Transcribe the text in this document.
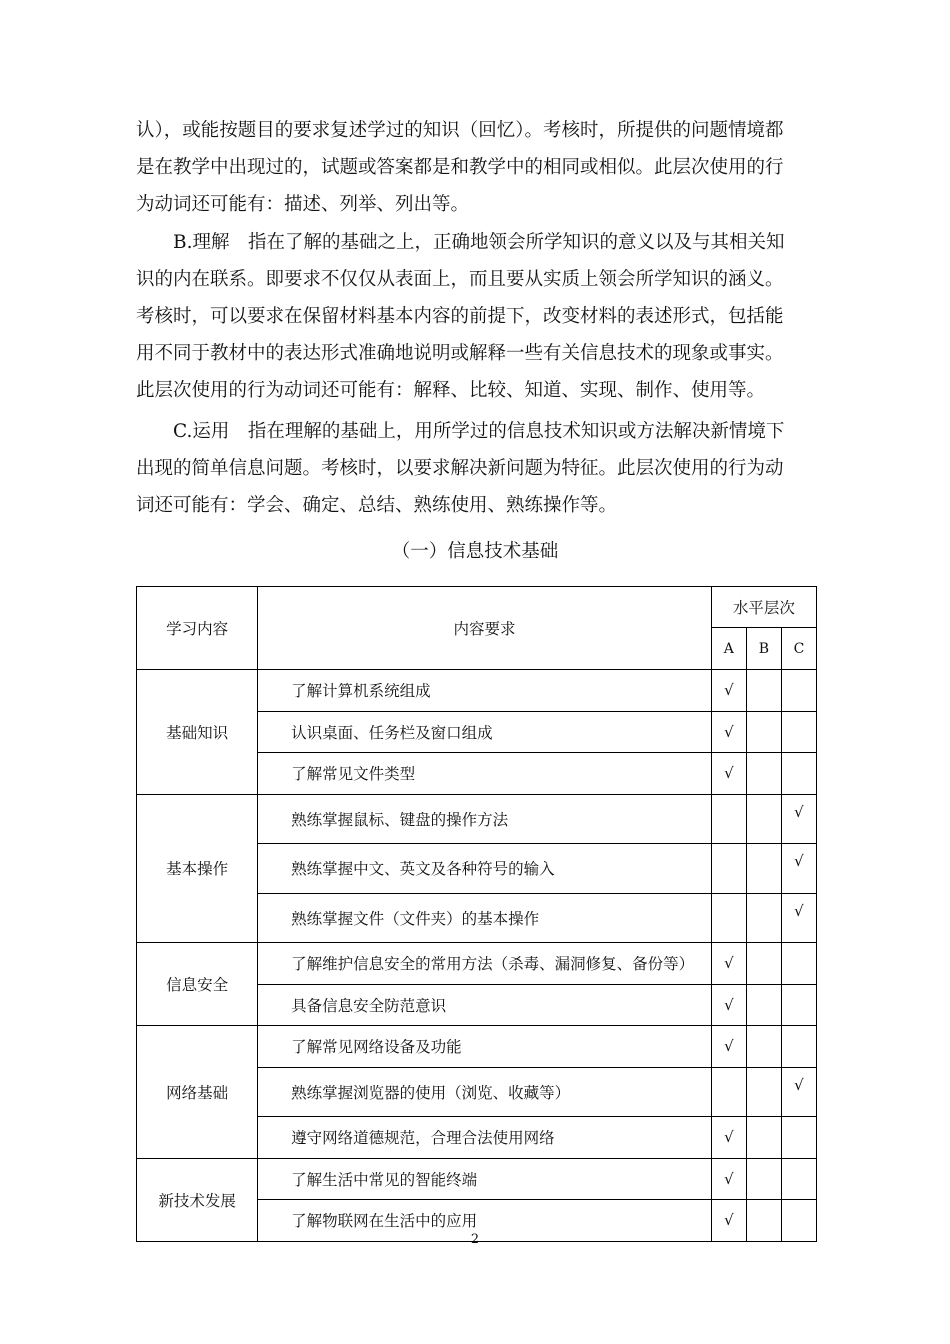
认），或能按题目的要求复述学过的知识（回忆）。考核时，所提供的问题情境都
是在教学中出现过的，试题或答案都是和教学中的相同或相似。此层次使用的行
为动词还可能有：描述、列举、列出等。
B.理解　指在了解的基础之上，正确地领会所学知识的意义以及与其相关知
识的内在联系。即要求不仅仅从表面上，而且要从实质上领会所学知识的涵义。
考核时，可以要求在保留材料基本内容的前提下，改变材料的表述形式，包括能
用不同于教材中的表达形式准确地说明或解释一些有关信息技术的现象或事实。
此层次使用的行为动词还可能有：解释、比较、知道、实现、制作、使用等。
C.运用　指在理解的基础上，用所学过的信息技术知识或方法解决新情境下
出现的简单信息问题。考核时，以要求解决新问题为特征。此层次使用的行为动
词还可能有：学会、确定、总结、熟练使用、熟练操作等。
（一）信息技术基础
学习内容	内容要求	水平层次		
		A	B	C
基础知识	了解计算机系统组成	√		
	认识桌面、任务栏及窗口组成	√		
	了解常见文件类型	√		
基本操作	熟练掌握鼠标、键盘的操作方法			√
	熟练掌握中文、英文及各种符号的输入			√
	熟练掌握文件（文件夹）的基本操作			√
信息安全	了解维护信息安全的常用方法（杀毒、漏洞修复、备份等）	√		
	具备信息安全防范意识	√		
网络基础	了解常见网络设备及功能	√		
	熟练掌握浏览器的使用（浏览、收藏等）			√
	遵守网络道德规范，合理合法使用网络	√		
新技术发展	了解生活中常见的智能终端	√		
	了解物联网在生活中的应用	√		
2
